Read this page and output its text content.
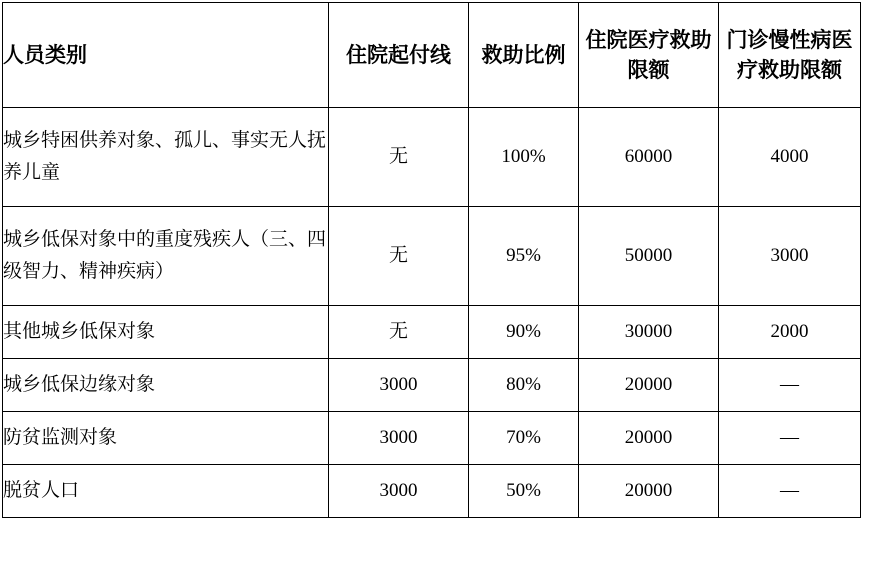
人员类别	住院起付线	救助比例	住院医疗救助限额	门诊慢性病医疗救助限额
城乡特困供养对象、孤儿、事实无人抚养儿童	无	100%	60000	4000
城乡低保对象中的重度残疾人（三、四级智力、精神疾病）	无	95%	50000	3000
其他城乡低保对象	无	90%	30000	2000
城乡低保边缘对象	3000	80%	20000	—
防贫监测对象	3000	70%	20000	—
脱贫人口	3000	50%	20000	—
